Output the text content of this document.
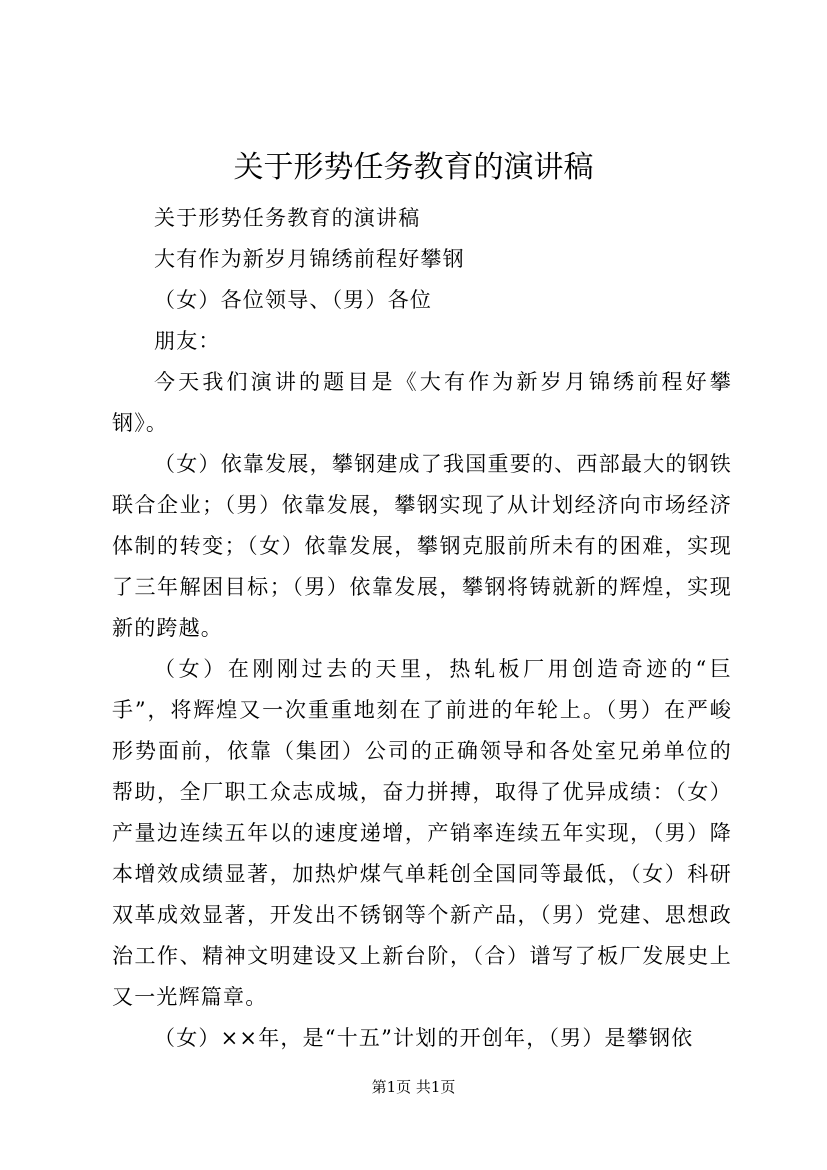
关于形势任务教育的演讲稿

关于形势任务教育的演讲稿

大有作为新岁月锦绣前程好攀钢

（女）各位领导、（男）各位

朋友：

今天我们演讲的题目是《大有作为新岁月锦绣前程好攀钢》。

（女）依靠发展，攀钢建成了我国重要的、西部最大的钢铁联合企业；（男）依靠发展，攀钢实现了从计划经济向市场经济体制的转变；（女）依靠发展，攀钢克服前所未有的困难，实现了三年解困目标；（男）依靠发展，攀钢将铸就新的辉煌，实现新的跨越。

（女）在刚刚过去的天里，热轧板厂用创造奇迹的“巨手”，将辉煌又一次重重地刻在了前进的年轮上。（男）在严峻形势面前，依靠（集团）公司的正确领导和各处室兄弟单位的帮助，全厂职工众志成城，奋力拼搏，取得了优异成绩：（女）产量边连续五年以的速度递增，产销率连续五年实现，（男）降本增效成绩显著，加热炉煤气单耗创全国同等最低，（女）科研双革成效显著，开发出不锈钢等个新产品，（男）党建、思想政治工作、精神文明建设又上新台阶，（合）谱写了板厂发展史上又一光辉篇章。

（女）××年，是“十五”计划的开创年，（男）是攀钢依

第1页 共1页
